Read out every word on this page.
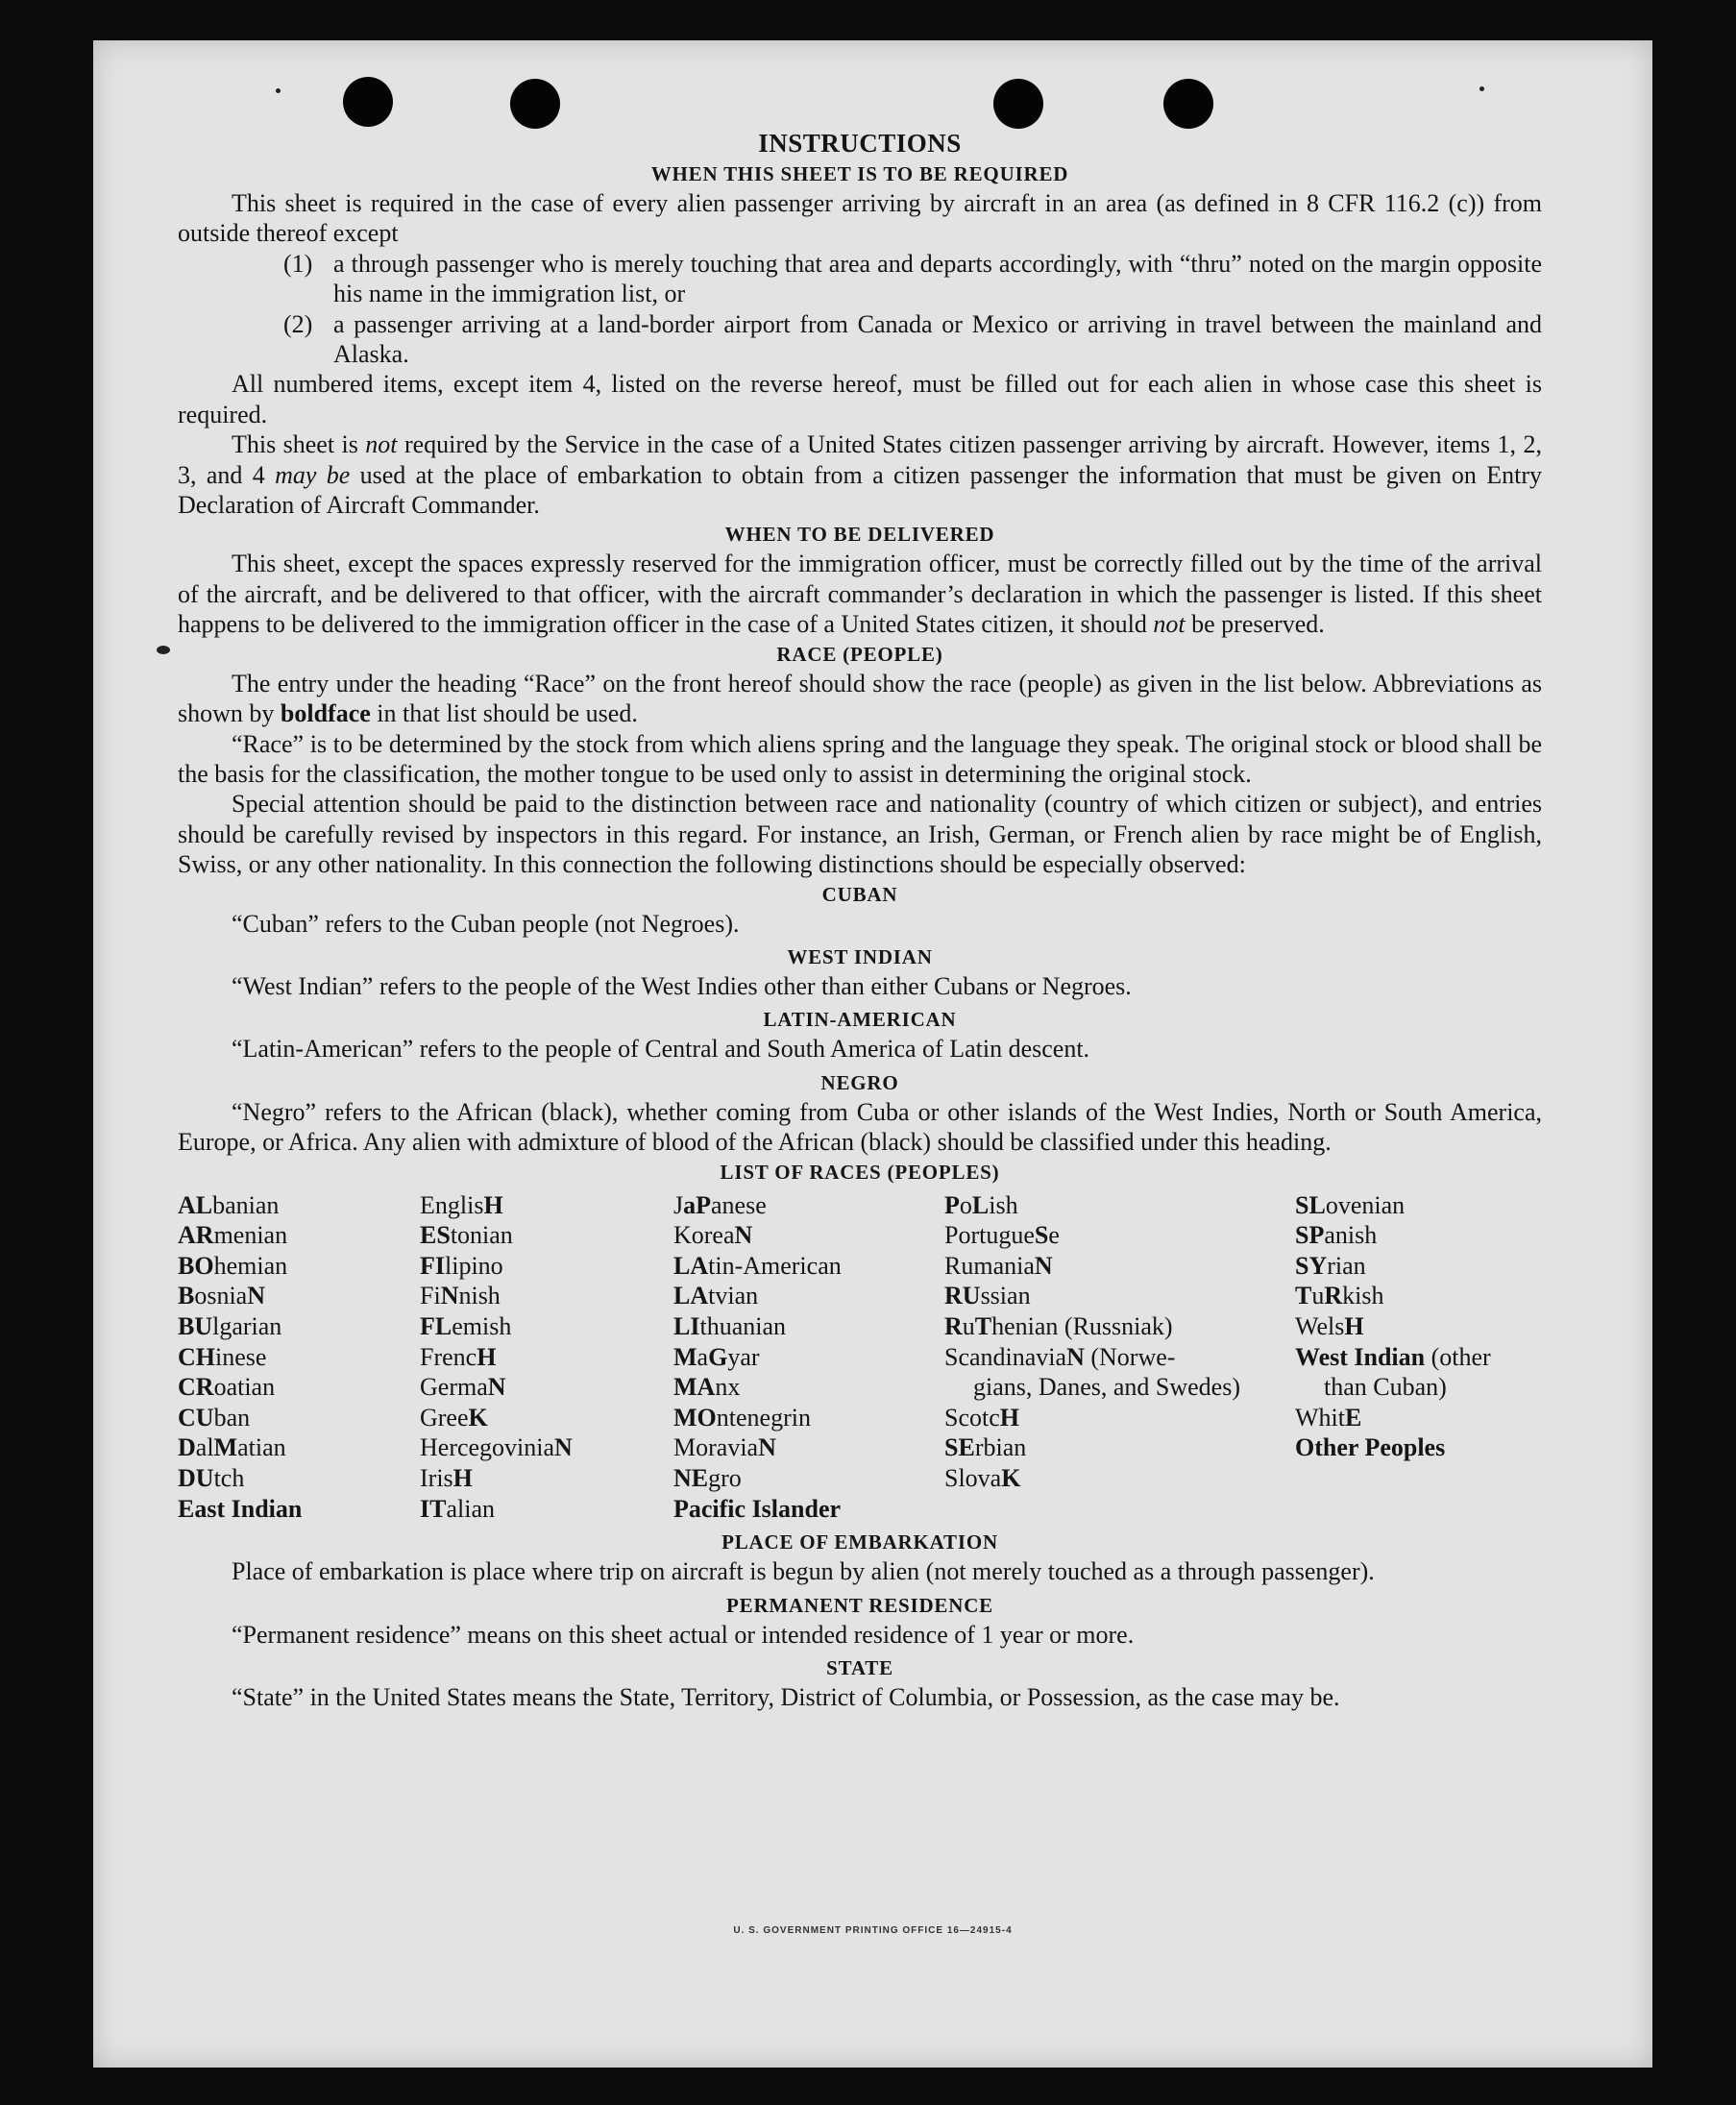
INSTRUCTIONS
WHEN THIS SHEET IS TO BE REQUIRED

This sheet is required in the case of every alien passenger arriving by aircraft in an area (as defined in 8 CFR 116.2 (c)) from outside thereof except

(1) a through passenger who is merely touching that area and departs accordingly, with “thru” noted on the margin opposite his name in the immigration list, or
(2) a passenger arriving at a land-border airport from Canada or Mexico or arriving in travel between the mainland and Alaska.

All numbered items, except item 4, listed on the reverse hereof, must be filled out for each alien in whose case this sheet is required.

This sheet is not required by the Service in the case of a United States citizen passenger arriving by aircraft. However, items 1, 2, 3, and 4 may be used at the place of embarkation to obtain from a citizen passenger the information that must be given on Entry Declaration of Aircraft Commander.

WHEN TO BE DELIVERED

This sheet, except the spaces expressly reserved for the immigration officer, must be correctly filled out by the time of the arrival of the aircraft, and be delivered to that officer, with the aircraft commander’s declaration in which the passenger is listed. If this sheet happens to be delivered to the immigration officer in the case of a United States citizen, it should not be preserved.

RACE (PEOPLE)

The entry under the heading “Race” on the front hereof should show the race (people) as given in the list below. Abbreviations as shown by boldface in that list should be used.

“Race” is to be determined by the stock from which aliens spring and the language they speak. The original stock or blood shall be the basis for the classification, the mother tongue to be used only to assist in determining the original stock.

Special attention should be paid to the distinction between race and nationality (country of which citizen or subject), and entries should be carefully revised by inspectors in this regard. For instance, an Irish, German, or French alien by race might be of English, Swiss, or any other nationality. In this connection the following distinctions should be especially observed:

CUBAN

“Cuban” refers to the Cuban people (not Negroes).

WEST INDIAN

“West Indian” refers to the people of the West Indies other than either Cubans or Negroes.

LATIN-AMERICAN

“Latin-American” refers to the people of Central and South America of Latin descent.

NEGRO

“Negro” refers to the African (black), whether coming from Cuba or other islands of the West Indies, North or South America, Europe, or Africa. Any alien with admixture of blood of the African (black) should be classified under this heading.

LIST OF RACES (PEOPLES)
ALbanian
ARmenian
BOhemian
BosniaN
BUlgarian
CHinese
CRoatian
CUban
DalMatian
DUtch
East Indian
EnglisH
EStonian
FIlipino
FiNnish
FLemish
FrencH
GermaN
GreeK
HercegoviniaN
IrisH
ITalian
JaPanese
KoreaN
LAtin-American
LAtvian
LIthuanian
MaGyar
MAnx
MOntenegrin
MoraviaN
NEgro
Pacific Islander
PoLish
PortugueSe
RumaniaN
RUssian
RuThenian (Russniak)
ScandinaviaN (Norwe-
gians, Danes, and Swedes)
ScotcH
SErbian
SlovaK
SLovenian
SPanish
SYrian
TuRkish
WelsH
West Indian (other
than Cuban)
WhitE
Other Peoples
PLACE OF EMBARKATION

Place of embarkation is place where trip on aircraft is begun by alien (not merely touched as a through passenger).

PERMANENT RESIDENCE

“Permanent residence” means on this sheet actual or intended residence of 1 year or more.

STATE

“State” in the United States means the State, Territory, District of Columbia, or Possession, as the case may be.

U. S. GOVERNMENT PRINTING OFFICE 16—24915-4
